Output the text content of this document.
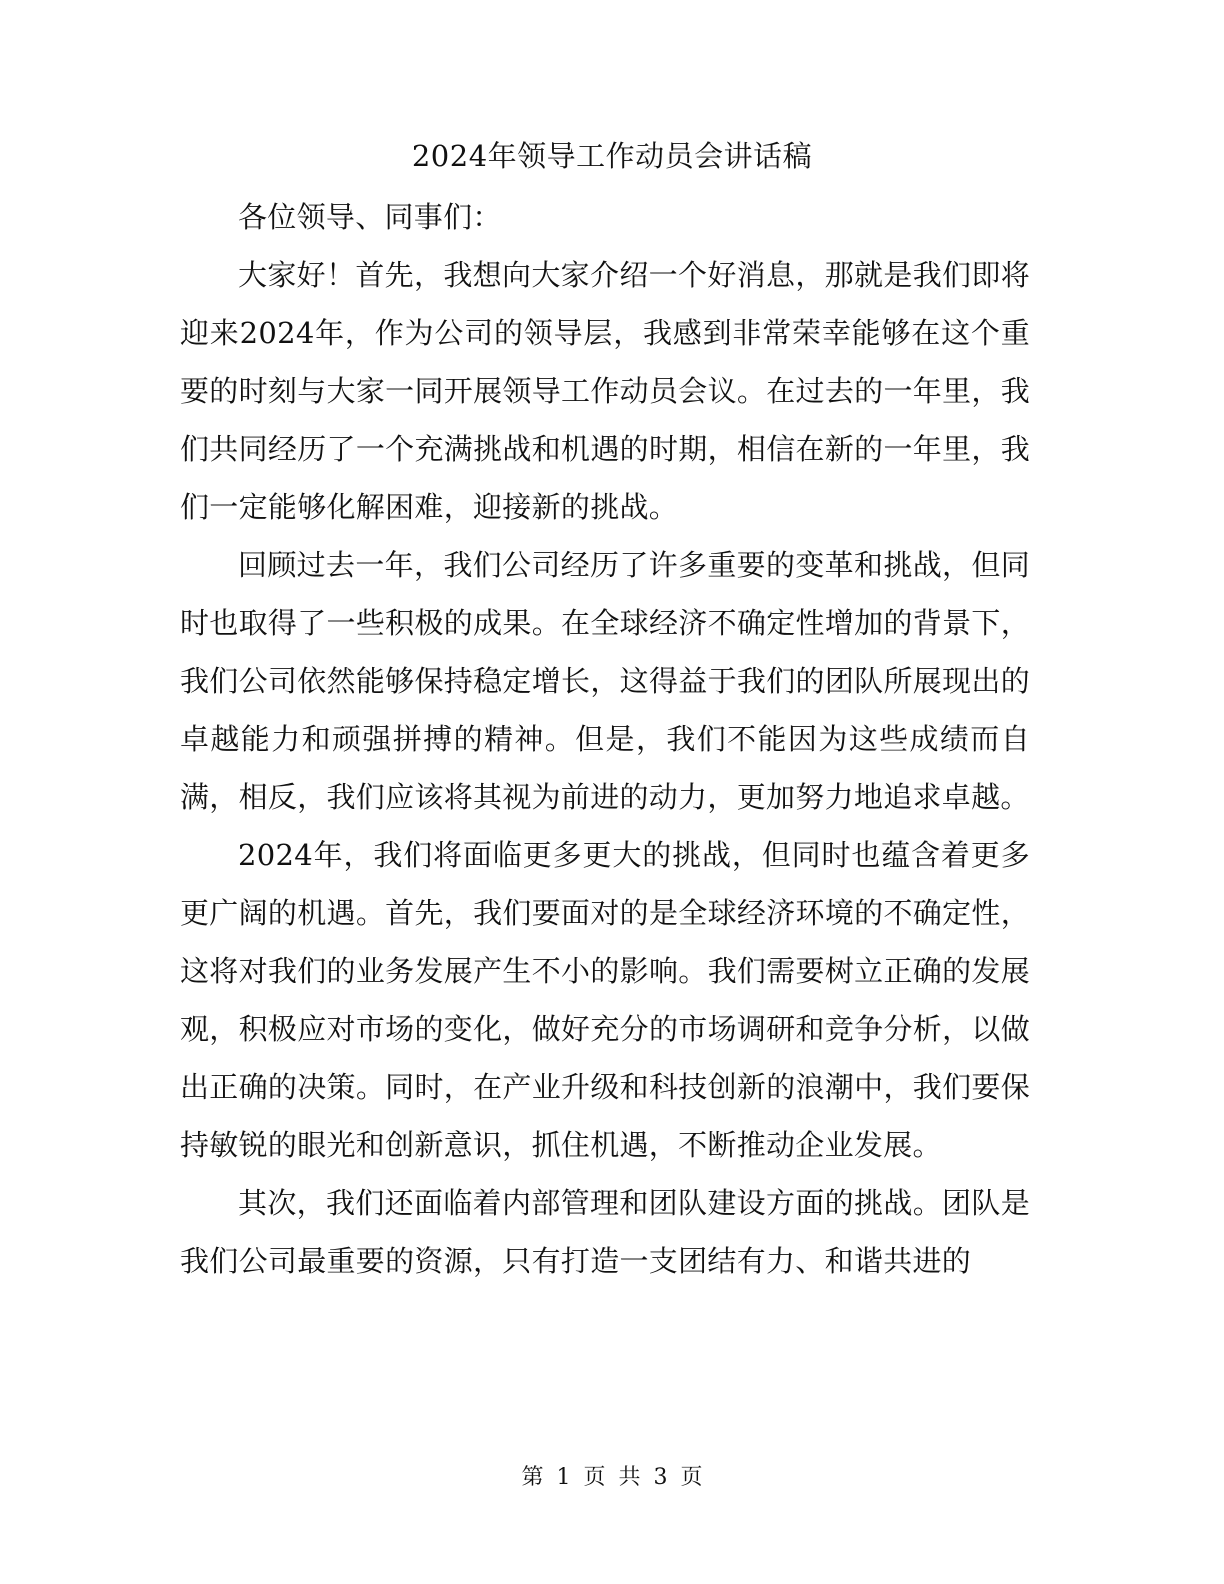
2024年领导工作动员会讲话稿

各位领导、同事们：

大家好！首先，我想向大家介绍一个好消息，那就是我们即将迎来2024年，作为公司的领导层，我感到非常荣幸能够在这个重要的时刻与大家一同开展领导工作动员会议。在过去的一年里，我们共同经历了一个充满挑战和机遇的时期，相信在新的一年里，我们一定能够化解困难，迎接新的挑战。

回顾过去一年，我们公司经历了许多重要的变革和挑战，但同时也取得了一些积极的成果。在全球经济不确定性增加的背景下，我们公司依然能够保持稳定增长，这得益于我们的团队所展现出的卓越能力和顽强拼搏的精神。但是，我们不能因为这些成绩而自满，相反，我们应该将其视为前进的动力，更加努力地追求卓越。

2024年，我们将面临更多更大的挑战，但同时也蕴含着更多更广阔的机遇。首先，我们要面对的是全球经济环境的不确定性，这将对我们的业务发展产生不小的影响。我们需要树立正确的发展观，积极应对市场的变化，做好充分的市场调研和竞争分析，以做出正确的决策。同时，在产业升级和科技创新的浪潮中，我们要保持敏锐的眼光和创新意识，抓住机遇，不断推动企业发展。

其次，我们还面临着内部管理和团队建设方面的挑战。团队是我们公司最重要的资源，只有打造一支团结有力、和谐共进的

第 1 页 共 3 页
